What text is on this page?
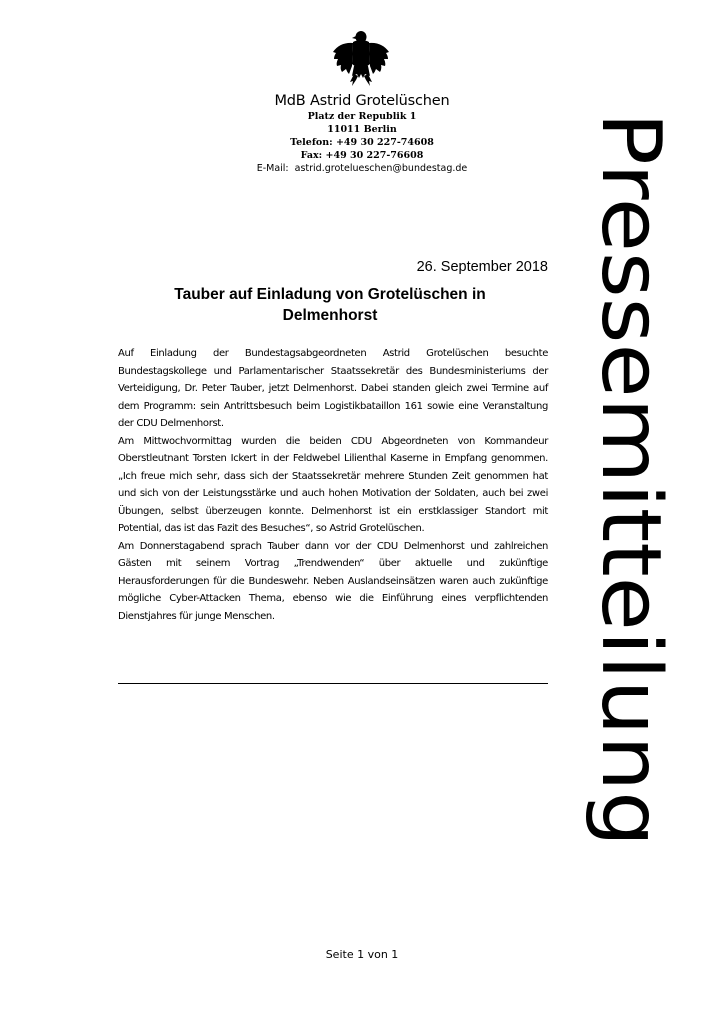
MdB Astrid Grotelüschen
Platz der Republik 1
11011 Berlin
Telefon: +49 30 227-74608
Fax: +49 30 227-76608
E-Mail: astrid.grotelueschen@bundestag.de	Pressemitteilung
26. September 2018
Tauber auf Einladung von Grotelüschen in
Delmenhorst

Auf Einladung der Bundestagsabgeordneten Astrid Grotelüschen besuchte Bundestagskollege und Parlamentarischer Staatssekretär des Bundesministeriums der Verteidigung, Dr. Peter Tauber, jetzt Delmenhorst. Dabei standen gleich zwei Termine auf dem Programm: sein Antrittsbesuch beim Logistikbataillon 161 sowie eine Veranstaltung der CDU Delmenhorst.

Am Mittwochvormittag wurden die beiden CDU Abgeordneten von Kommandeur Oberstleutnant Torsten Ickert in der Feldwebel Lilienthal Kaserne in Empfang genommen. „Ich freue mich sehr, dass sich der Staatssekretär mehrere Stunden Zeit genommen hat und sich von der Leistungsstärke und auch hohen Motivation der Soldaten, auch bei zwei Übungen, selbst überzeugen konnte. Delmenhorst ist ein erstklassiger Standort mit Potential, das ist das Fazit des Besuches“, so Astrid Grotelüschen.

Am Donnerstagabend sprach Tauber dann vor der CDU Delmenhorst und zahlreichen Gästen mit seinem Vortrag „Trendwenden“ über aktuelle und zukünftige Herausforderungen für die Bundeswehr. Neben Auslandseinsätzen waren auch zukünftige mögliche Cyber-Attacken Thema, ebenso wie die Einführung eines verpflichtenden Dienstjahres für junge Menschen.

Seite 1 von 1
